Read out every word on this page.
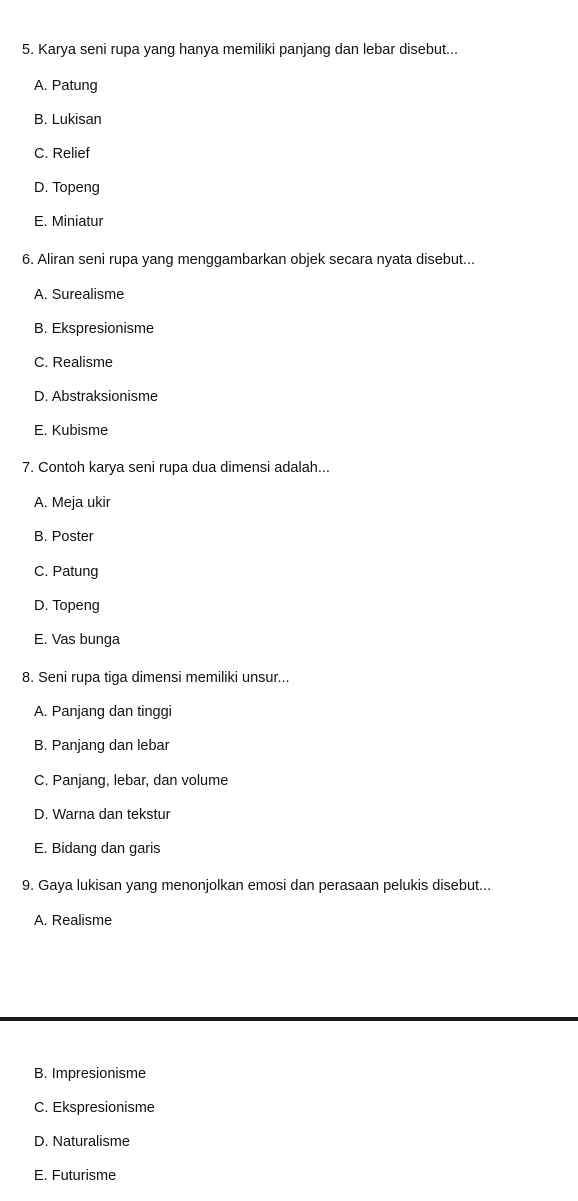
5. Karya seni rupa yang hanya memiliki panjang dan lebar disebut...
A. Patung
B. Lukisan
C. Relief
D. Topeng
E. Miniatur
6. Aliran seni rupa yang menggambarkan objek secara nyata disebut...
A. Surealisme
B. Ekspresionisme
C. Realisme
D. Abstraksionisme
E. Kubisme
7. Contoh karya seni rupa dua dimensi adalah...
A. Meja ukir
B. Poster
C. Patung
D. Topeng
E. Vas bunga
8. Seni rupa tiga dimensi memiliki unsur...
A. Panjang dan tinggi
B. Panjang dan lebar
C. Panjang, lebar, dan volume
D. Warna dan tekstur
E. Bidang dan garis
9. Gaya lukisan yang menonjolkan emosi dan perasaan pelukis disebut...
A. Realisme
B. Impresionisme
C. Ekspresionisme
D. Naturalisme
E. Futurisme
